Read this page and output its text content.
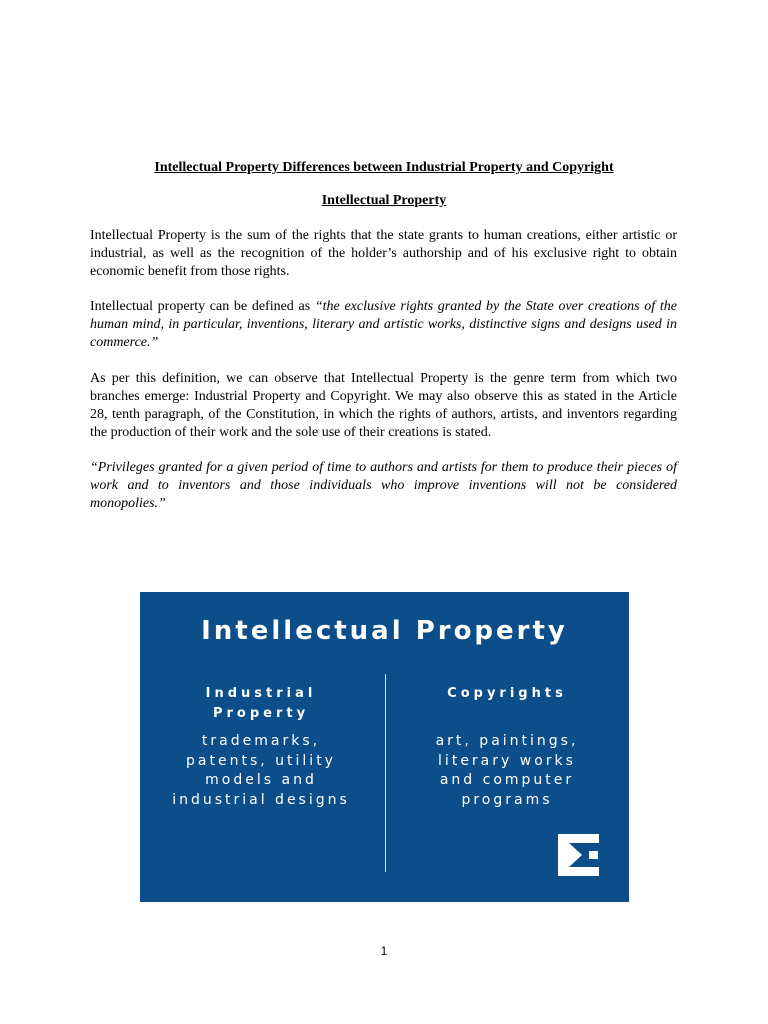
Intellectual Property Differences between Industrial Property and Copyright
Intellectual Property

Intellectual Property is the sum of the rights that the state grants to human creations, either artistic or industrial, as well as the recognition of the holder’s authorship and of his exclusive right to obtain economic benefit from those rights.

Intellectual property can be defined as “the exclusive rights granted by the State over creations of the human mind, in particular, inventions, literary and artistic works, distinctive signs and designs used in commerce.”

As per this definition, we can observe that Intellectual Property is the genre term from which two branches emerge: Industrial Property and Copyright. We may also observe this as stated in the Article 28, tenth paragraph, of the Constitution, in which the rights of authors, artists, and inventors regarding the production of their work and the sole use of their creations is stated.

“Privileges granted for a given period of time to authors and artists for them to produce their pieces of work and to inventors and those individuals who improve inventions will not be considered monopolies.”

Intellectual Property
Industrial
Property
trademarks,
patents, utility
models and
industrial designs
Copyrights
art, paintings,
literary works
and computer
programs
1
